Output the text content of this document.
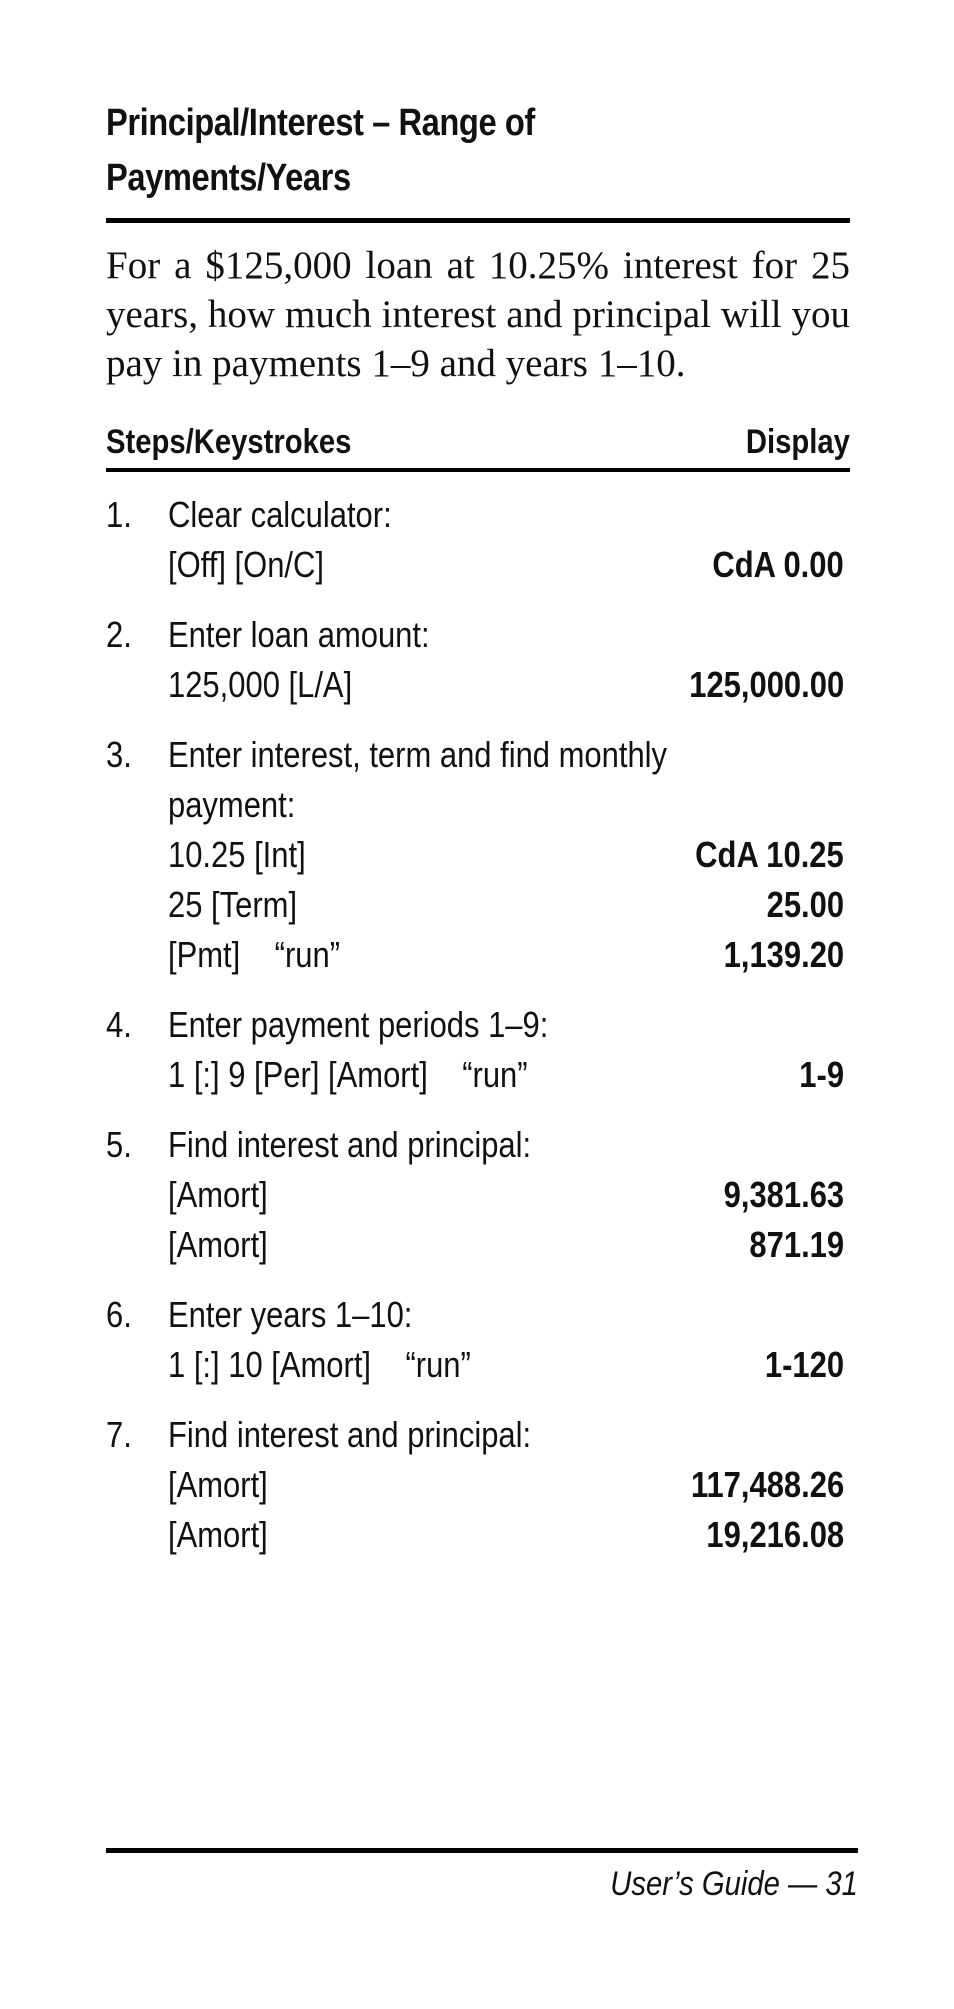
Principal/Interest – Range of
Payments/Years
For a $125,000 loan at 10.25% interest for 25 years, how much interest and principal will you pay in payments 1–9 and years 1–10.
Steps/Keystrokes	Display
1. Clear calculator:
[Off] [On/C]	CdA 0.00
2. Enter loan amount:
125,000 [L/A]	125,000.00
3. Enter interest, term and find monthly
payment:
10.25 [Int]	CdA 10.25
25 [Term]	25.00
[Pmt]    “run”	1,139.20
4. Enter payment periods 1–9:
1 [:] 9 [Per] [Amort]    “run”	1-9
5. Find interest and principal:
[Amort]	9,381.63
[Amort]	871.19
6. Enter years 1–10:
1 [:] 10 [Amort]    “run”	1-120
7. Find interest and principal:
[Amort]	117,488.26
[Amort]	19,216.08
User’s Guide — 31
